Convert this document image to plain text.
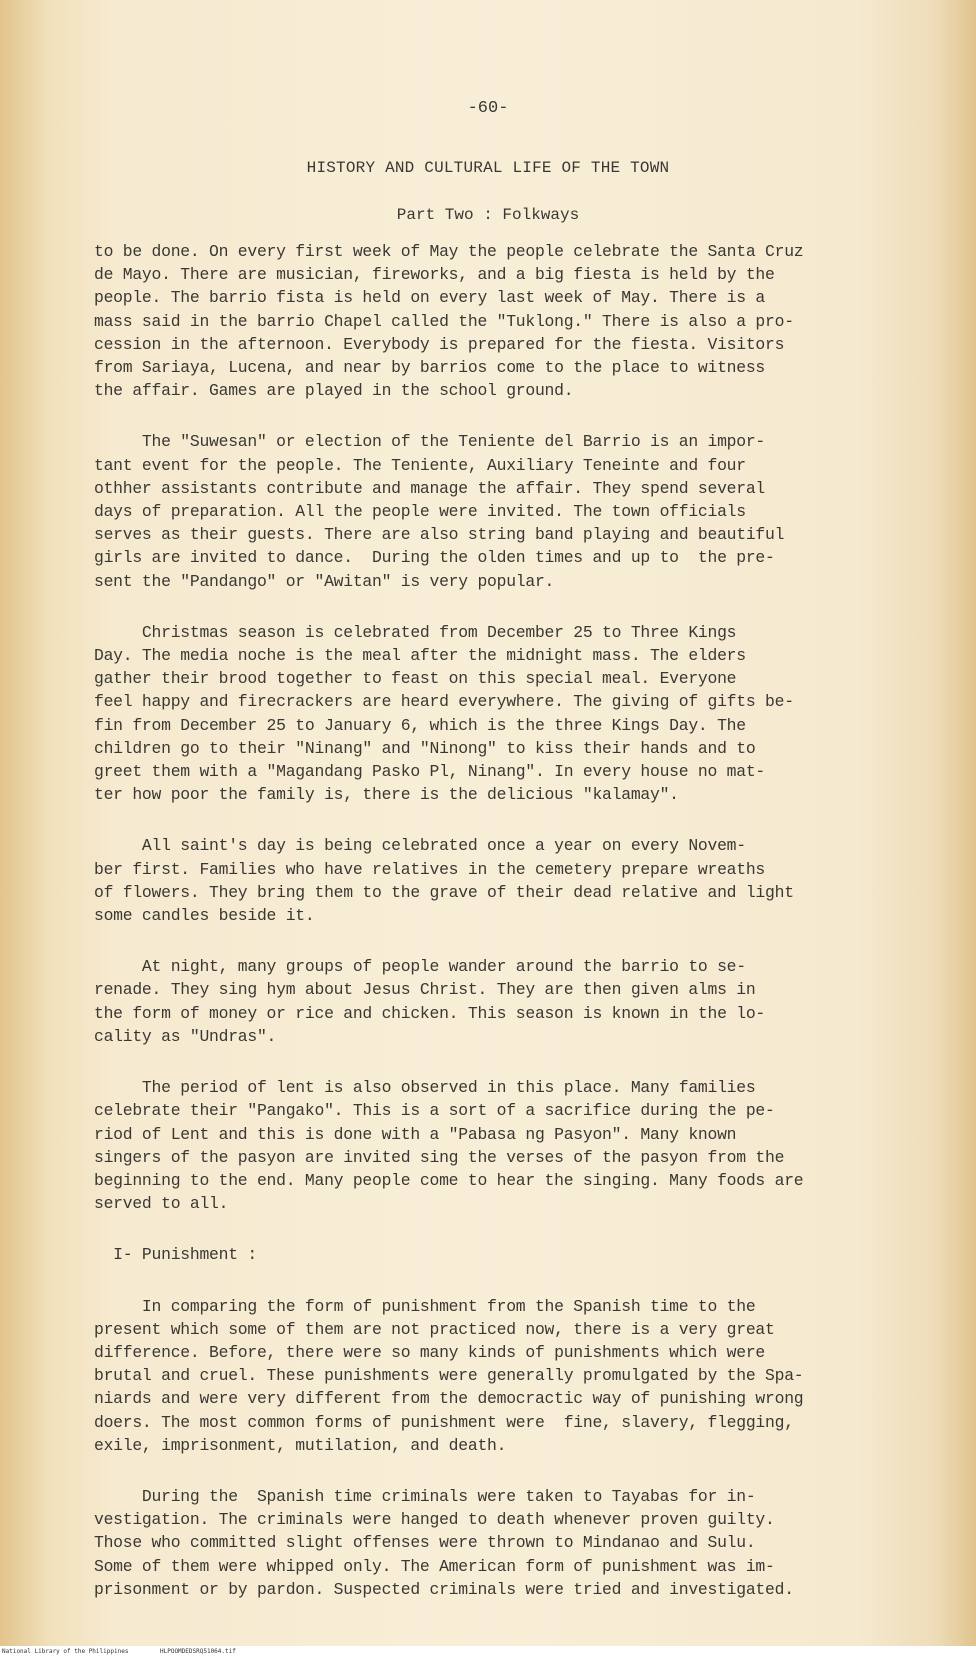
-60-
HISTORY AND CULTURAL LIFE OF THE TOWN
Part Two : Folkways
to be done. On every first week of May the people celebrate the Santa Cruz
de Mayo. There are musician, fireworks, and a big fiesta is held by the
people. The barrio fista is held on every last week of May. There is a
mass said in the barrio Chapel called the "Tuklong." There is also a pro-
cession in the afternoon. Everybody is prepared for the fiesta. Visitors
from Sariaya, Lucena, and near by barrios come to the place to witness
the affair. Games are played in the school ground.
The "Suwesan" or election of the Teniente del Barrio is an impor-
tant event for the people. The Teniente, Auxiliary Teneinte and four
othher assistants contribute and manage the affair. They spend several
days of preparation. All the people were invited. The town officials
serves as their guests. There are also string band playing and beautiful
girls are invited to dance.  During the olden times and up to  the pre-
sent the "Pandango" or "Awitan" is very popular.
Christmas season is celebrated from December 25 to Three Kings
Day. The media noche is the meal after the midnight mass. The elders
gather their brood together to feast on this special meal. Everyone
feel happy and firecrackers are heard everywhere. The giving of gifts be-
fin from December 25 to January 6, which is the three Kings Day. The
children go to their "Ninang" and "Ninong" to kiss their hands and to
greet them with a "Magandang Pasko Pl, Ninang". In every house no mat-
ter how poor the family is, there is the delicious "kalamay".
All saint's day is being celebrated once a year on every Novem-
ber first. Families who have relatives in the cemetery prepare wreaths
of flowers. They bring them to the grave of their dead relative and light
some candles beside it.
At night, many groups of people wander around the barrio to se-
renade. They sing hym about Jesus Christ. They are then given alms in
the form of money or rice and chicken. This season is known in the lo-
cality as "Undras".
The period of lent is also observed in this place. Many families
celebrate their "Pangako". This is a sort of a sacrifice during the pe-
riod of Lent and this is done with a "Pabasa ng Pasyon". Many known
singers of the pasyon are invited sing the verses of the pasyon from the
beginning to the end. Many people come to hear the singing. Many foods are
served to all.
I- Punishment :
In comparing the form of punishment from the Spanish time to the
present which some of them are not practiced now, there is a very great
difference. Before, there were so many kinds of punishments which were
brutal and cruel. These punishments were generally promulgated by the Spa-
niards and were very different from the democractic way of punishing wrong
doers. The most common forms of punishment were  fine, slavery, flegging,
exile, imprisonment, mutilation, and death.
During the  Spanish time criminals were taken to Tayabas for in-
vestigation. The criminals were hanged to death whenever proven guilty.
Those who committed slight offenses were thrown to Mindanao and Sulu.
Some of them were whipped only. The American form of punishment was im-
prisonment or by pardon. Suspected criminals were tried and investigated.
National Library of the Philippines	HLPOOMDEDSRQ51064.tif
